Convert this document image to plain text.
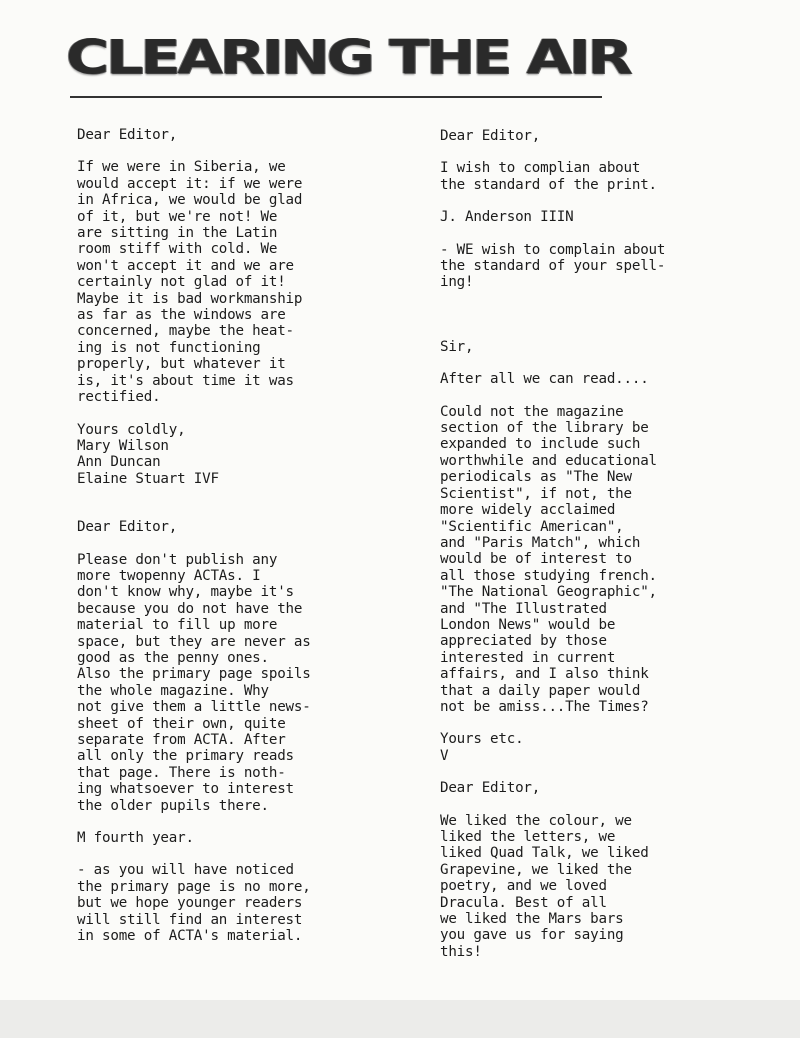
CLEARING THE AIR

Dear Editor,

If we were in Siberia, we
would accept it: if we were
in Africa, we would be glad
of it, but we're not! We
are sitting in the Latin
room stiff with cold. We
won't accept it and we are
certainly not glad of it!
Maybe it is bad workmanship
as far as the windows are
concerned, maybe the heat-
ing is not functioning
properly, but whatever it
is, it's about time it was
rectified.

Yours coldly,
Mary Wilson
Ann Duncan
Elaine Stuart IVF

Dear Editor,

Please don't publish any
more twopenny ACTAs. I
don't know why, maybe it's
because you do not have the
material to fill up more
space, but they are never as
good as the penny ones.
Also the primary page spoils
the whole magazine. Why
not give them a little news-
sheet of their own, quite
separate from ACTA. After
all only the primary reads
that page. There is noth-
ing whatsoever to interest
the older pupils there.

M fourth year.

- as you will have noticed
the primary page is no more,
but we hope younger readers
will still find an interest
in some of ACTA's material.

Dear Editor,

I wish to complian about
the standard of the print.

J. Anderson IIIN

- WE wish to complain about
the standard of your spell-
ing!

Sir,

After all we can read....

Could not the magazine
section of the library be
expanded to include such
worthwhile and educational
periodicals as "The New
Scientist", if not, the
more widely acclaimed
"Scientific American",
and "Paris Match", which
would be of interest to
all those studying french.
"The National Geographic",
and "The Illustrated
London News" would be
appreciated by those
interested in current
affairs, and I also think
that a daily paper would
not be amiss...The Times?

Yours etc.
V

Dear Editor,

We liked the colour, we
liked the letters, we
liked Quad Talk, we liked
Grapevine, we liked the
poetry, and we loved
Dracula. Best of all
we liked the Mars bars
you gave us for saying
this!
